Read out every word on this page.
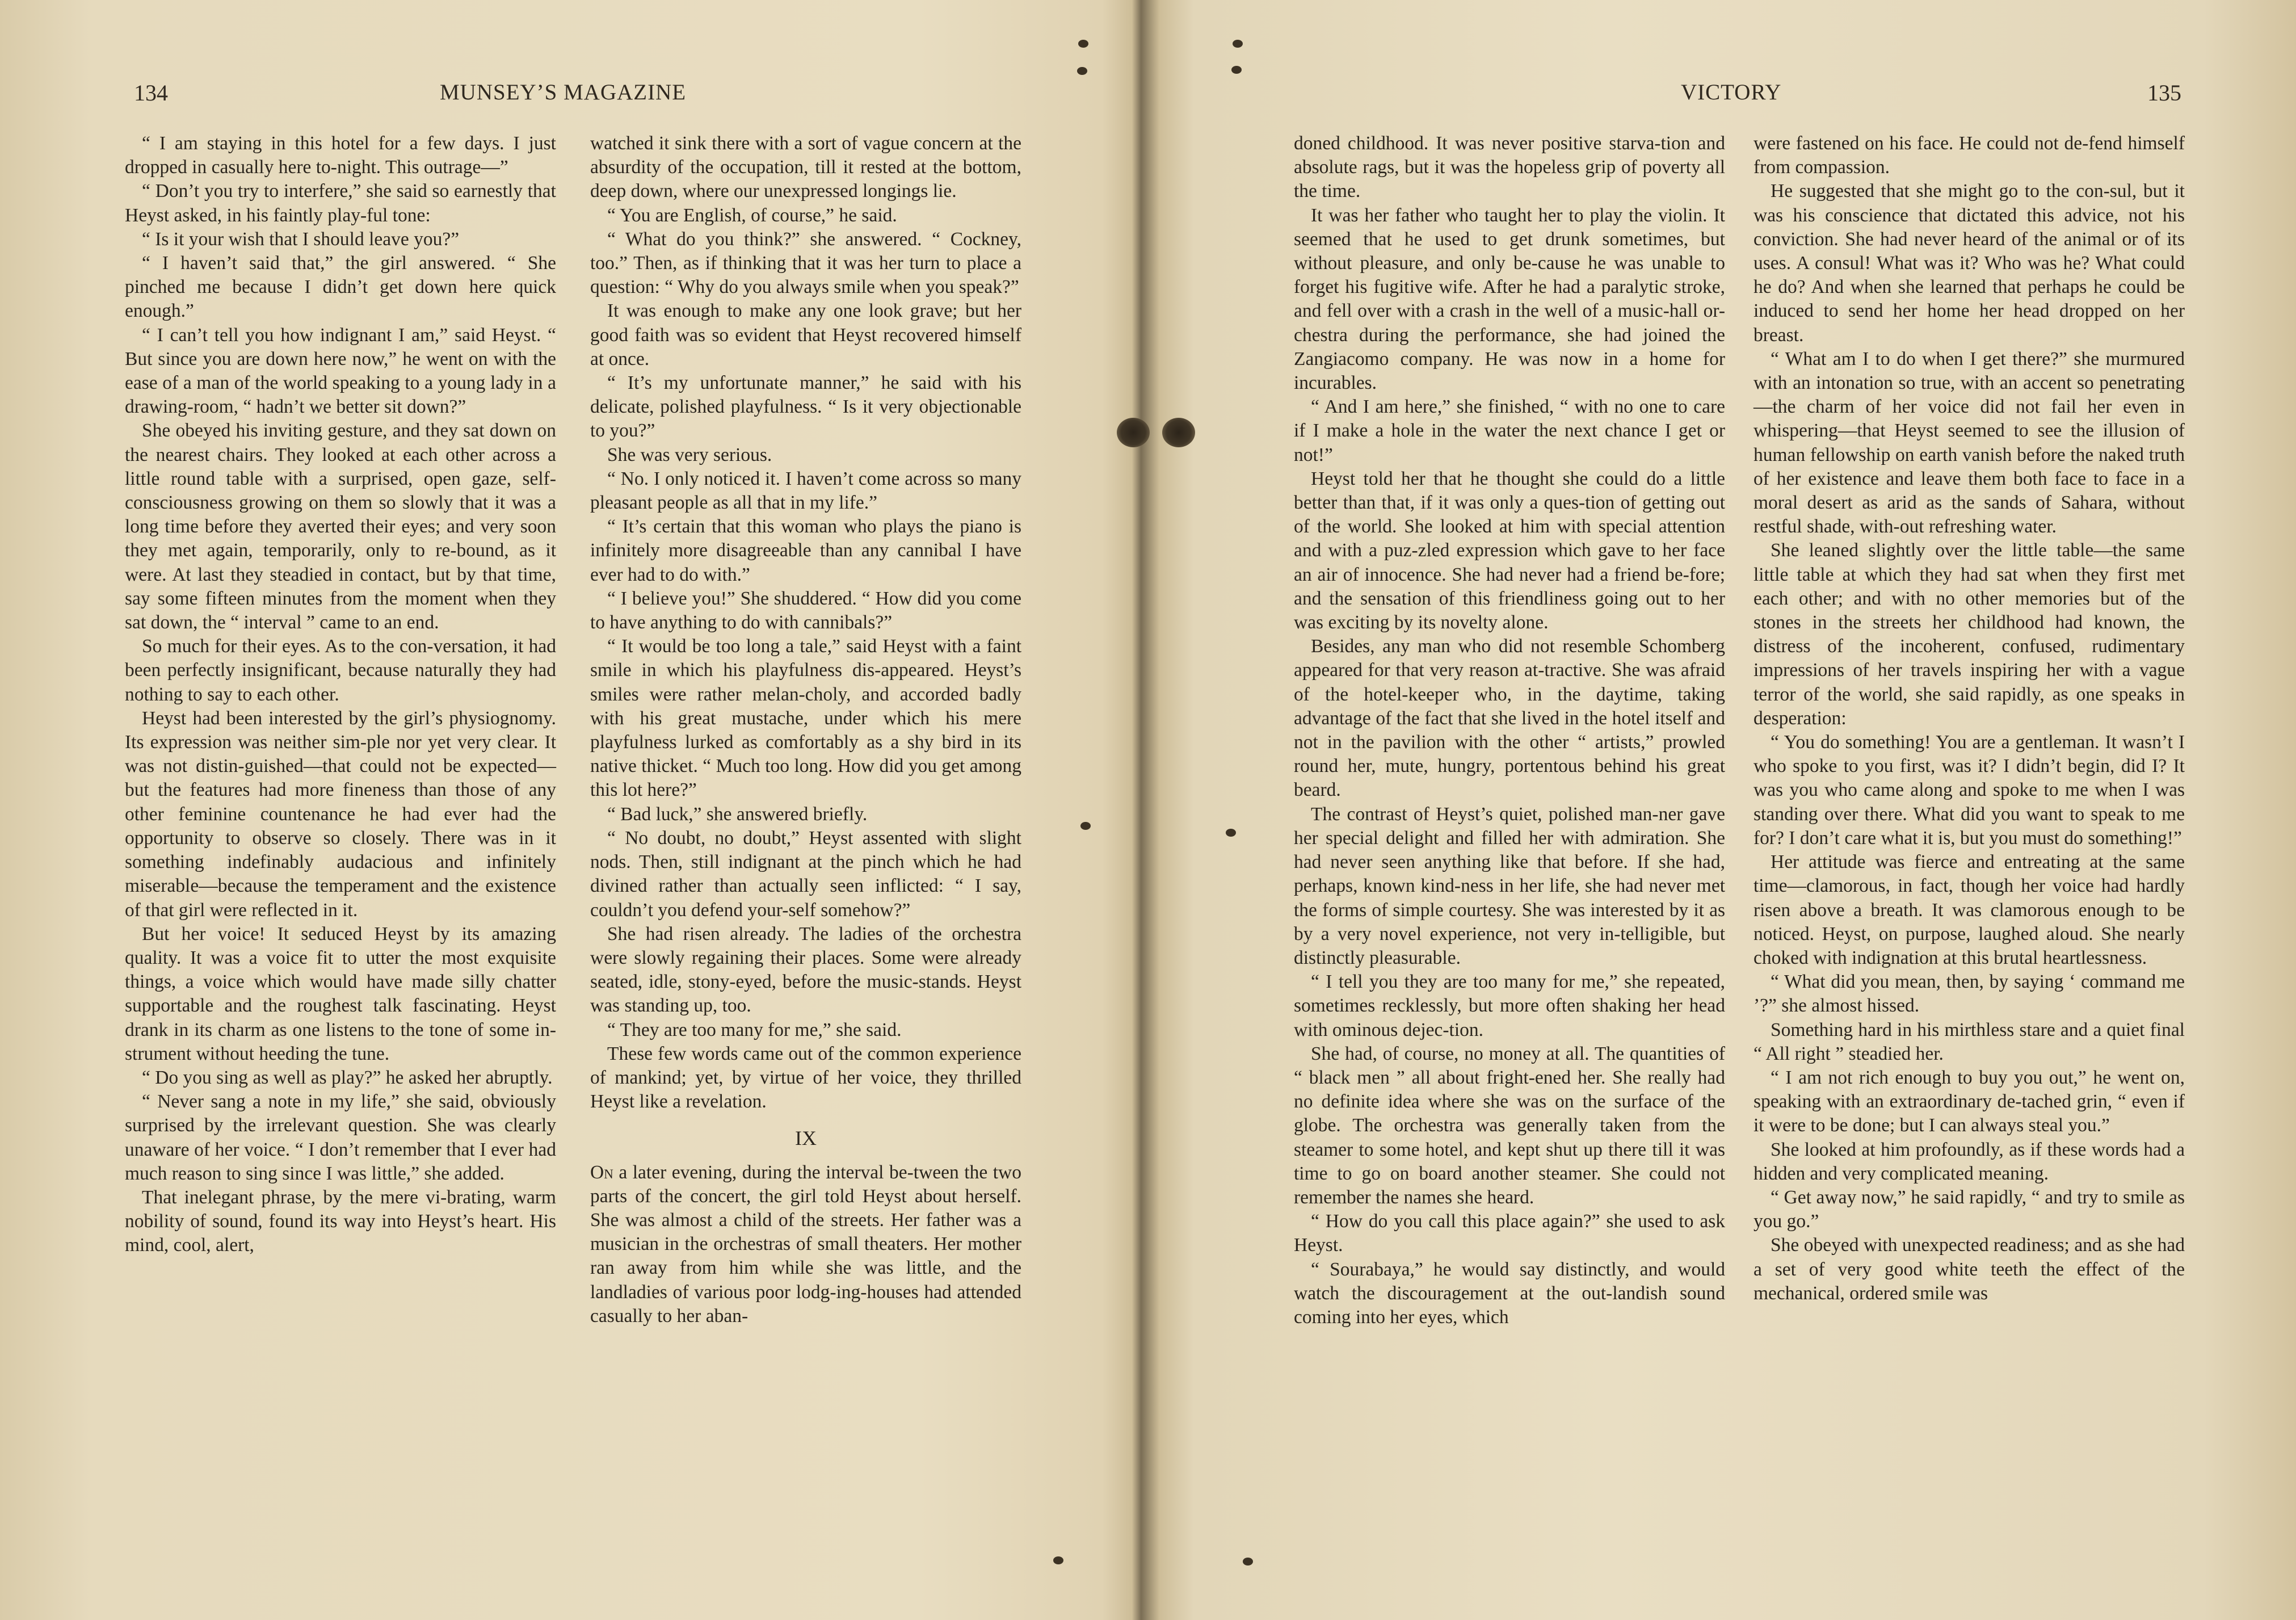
134	MUNSEY’S MAGAZINE

“ I am staying in this hotel for a few days. I just dropped in casually here to-night. This outrage—”

“ Don’t you try to interfere,” she said so earnestly that Heyst asked, in his faintly play-ful tone:

“ Is it your wish that I should leave you?”

“ I haven’t said that,” the girl answered. “ She pinched me because I didn’t get down here quick enough.”

“ I can’t tell you how indignant I am,” said Heyst. “ But since you are down here now,” he went on with the ease of a man of the world speaking to a young lady in a drawing-room, “ hadn’t we better sit down?”

She obeyed his inviting gesture, and they sat down on the nearest chairs. They looked at each other across a little round table with a surprised, open gaze, self-consciousness growing on them so slowly that it was a long time before they averted their eyes; and very soon they met again, temporarily, only to re-bound, as it were. At last they steadied in contact, but by that time, say some fifteen minutes from the moment when they sat down, the “ interval ” came to an end.

So much for their eyes. As to the con-versation, it had been perfectly insignificant, because naturally they had nothing to say to each other.

Heyst had been interested by the girl’s physiognomy. Its expression was neither sim-ple nor yet very clear. It was not distin-guished—that could not be expected—but the features had more fineness than those of any other feminine countenance he had ever had the opportunity to observe so closely. There was in it something indefinably audacious and infinitely miserable—because the temperament and the existence of that girl were reflected in it.

But her voice! It seduced Heyst by its amazing quality. It was a voice fit to utter the most exquisite things, a voice which would have made silly chatter supportable and the roughest talk fascinating. Heyst drank in its charm as one listens to the tone of some in-strument without heeding the tune.

“ Do you sing as well as play?” he asked her abruptly.

“ Never sang a note in my life,” she said, obviously surprised by the irrelevant question. She was clearly unaware of her voice. “ I don’t remember that I ever had much reason to sing since I was little,” she added.

That inelegant phrase, by the mere vi-brating, warm nobility of sound, found its way into Heyst’s heart. His mind, cool, alert,

watched it sink there with a sort of vague concern at the absurdity of the occupation, till it rested at the bottom, deep down, where our unexpressed longings lie.

“ You are English, of course,” he said.

“ What do you think?” she answered. “ Cockney, too.” Then, as if thinking that it was her turn to place a question: “ Why do you always smile when you speak?”

It was enough to make any one look grave; but her good faith was so evident that Heyst recovered himself at once.

“ It’s my unfortunate manner,” he said with his delicate, polished playfulness. “ Is it very objectionable to you?”

She was very serious.

“ No. I only noticed it. I haven’t come across so many pleasant people as all that in my life.”

“ It’s certain that this woman who plays the piano is infinitely more disagreeable than any cannibal I have ever had to do with.”

“ I believe you!” She shuddered. “ How did you come to have anything to do with cannibals?”

“ It would be too long a tale,” said Heyst with a faint smile in which his playfulness dis-appeared. Heyst’s smiles were rather melan-choly, and accorded badly with his great mustache, under which his mere playfulness lurked as comfortably as a shy bird in its native thicket. “ Much too long. How did you get among this lot here?”

“ Bad luck,” she answered briefly.

“ No doubt, no doubt,” Heyst assented with slight nods. Then, still indignant at the pinch which he had divined rather than actually seen inflicted: “ I say, couldn’t you defend your-self somehow?”

She had risen already. The ladies of the orchestra were slowly regaining their places. Some were already seated, idle, stony-eyed, before the music-stands. Heyst was standing up, too.

“ They are too many for me,” she said.

These few words came out of the common experience of mankind; yet, by virtue of her voice, they thrilled Heyst like a revelation.

IX

On a later evening, during the interval be-tween the two parts of the concert, the girl told Heyst about herself. She was almost a child of the streets. Her father was a musician in the orchestras of small theaters. Her mother ran away from him while she was little, and the landladies of various poor lodg-ing-houses had attended casually to her aban-

VICTORY	135

doned childhood. It was never positive starva-tion and absolute rags, but it was the hopeless grip of poverty all the time.

It was her father who taught her to play the violin. It seemed that he used to get drunk sometimes, but without pleasure, and only be-cause he was unable to forget his fugitive wife. After he had a paralytic stroke, and fell over with a crash in the well of a music-hall or-chestra during the performance, she had joined the Zangiacomo company. He was now in a home for incurables.

“ And I am here,” she finished, “ with no one to care if I make a hole in the water the next chance I get or not!”

Heyst told her that he thought she could do a little better than that, if it was only a ques-tion of getting out of the world. She looked at him with special attention and with a puz-zled expression which gave to her face an air of innocence. She had never had a friend be-fore; and the sensation of this friendliness going out to her was exciting by its novelty alone.

Besides, any man who did not resemble Schomberg appeared for that very reason at-tractive. She was afraid of the hotel-keeper who, in the daytime, taking advantage of the fact that she lived in the hotel itself and not in the pavilion with the other “ artists,” prowled round her, mute, hungry, portentous behind his great beard.

The contrast of Heyst’s quiet, polished man-ner gave her special delight and filled her with admiration. She had never seen anything like that before. If she had, perhaps, known kind-ness in her life, she had never met the forms of simple courtesy. She was interested by it as by a very novel experience, not very in-telligible, but distinctly pleasurable.

“ I tell you they are too many for me,” she repeated, sometimes recklessly, but more often shaking her head with ominous dejec-tion.

She had, of course, no money at all. The quantities of “ black men ” all about fright-ened her. She really had no definite idea where she was on the surface of the globe. The orchestra was generally taken from the steamer to some hotel, and kept shut up there till it was time to go on board another steamer. She could not remember the names she heard.

“ How do you call this place again?” she used to ask Heyst.

“ Sourabaya,” he would say distinctly, and would watch the discouragement at the out-landish sound coming into her eyes, which

were fastened on his face. He could not de-fend himself from compassion.

He suggested that she might go to the con-sul, but it was his conscience that dictated this advice, not his conviction. She had never heard of the animal or of its uses. A consul! What was it? Who was he? What could he do? And when she learned that perhaps he could be induced to send her home her head dropped on her breast.

“ What am I to do when I get there?” she murmured with an intonation so true, with an accent so penetrating—the charm of her voice did not fail her even in whispering—that Heyst seemed to see the illusion of human fellowship on earth vanish before the naked truth of her existence and leave them both face to face in a moral desert as arid as the sands of Sahara, without restful shade, with-out refreshing water.

She leaned slightly over the little table—the same little table at which they had sat when they first met each other; and with no other memories but of the stones in the streets her childhood had known, the distress of the incoherent, confused, rudimentary impressions of her travels inspiring her with a vague terror of the world, she said rapidly, as one speaks in desperation:

“ You do something! You are a gentleman. It wasn’t I who spoke to you first, was it? I didn’t begin, did I? It was you who came along and spoke to me when I was standing over there. What did you want to speak to me for? I don’t care what it is, but you must do something!”

Her attitude was fierce and entreating at the same time—clamorous, in fact, though her voice had hardly risen above a breath. It was clamorous enough to be noticed. Heyst, on purpose, laughed aloud. She nearly choked with indignation at this brutal heartlessness.

“ What did you mean, then, by saying ‘ command me ’?” she almost hissed.

Something hard in his mirthless stare and a quiet final “ All right ” steadied her.

“ I am not rich enough to buy you out,” he went on, speaking with an extraordinary de-tached grin, “ even if it were to be done; but I can always steal you.”

She looked at him profoundly, as if these words had a hidden and very complicated meaning.

“ Get away now,” he said rapidly, “ and try to smile as you go.”

She obeyed with unexpected readiness; and as she had a set of very good white teeth the effect of the mechanical, ordered smile was
